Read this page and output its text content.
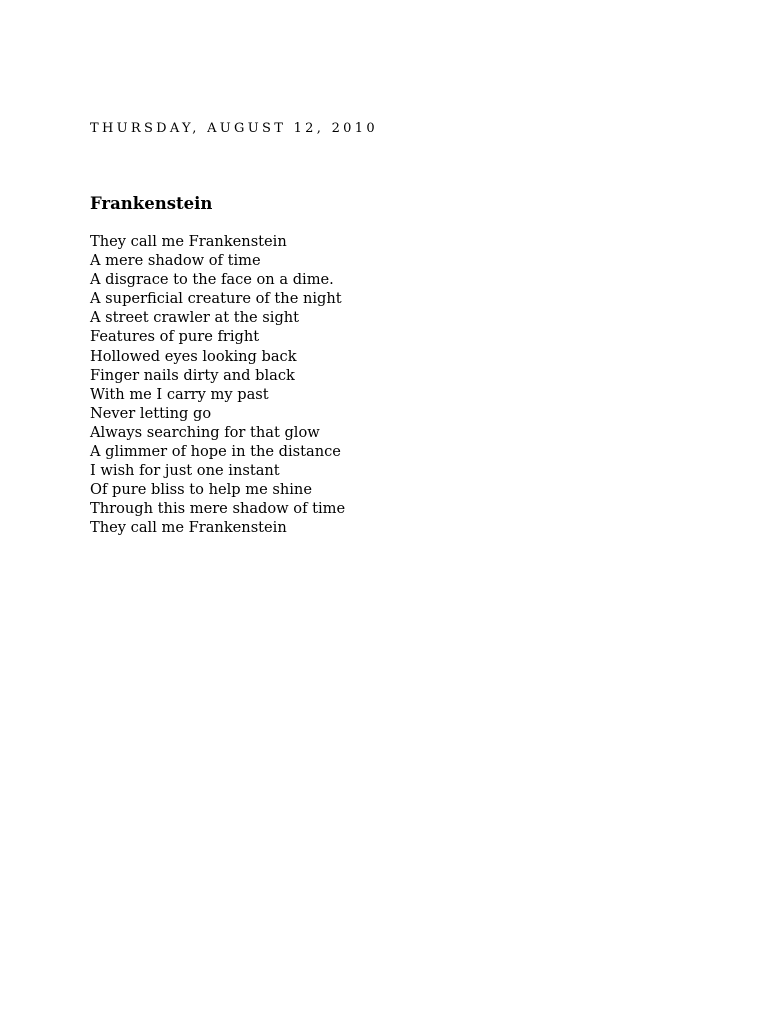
THURSDAY, AUGUST 12, 2010
Frankenstein
They call me Frankenstein
A mere shadow of time
A disgrace to the face on a dime.
A superficial creature of the night
A street crawler at the sight
Features of pure fright
Hollowed eyes looking back
Finger nails dirty and black
With me I carry my past
Never letting go
Always searching for that glow
A glimmer of hope in the distance
I wish for just one instant
Of pure bliss to help me shine
Through this mere shadow of time
They call me Frankenstein
